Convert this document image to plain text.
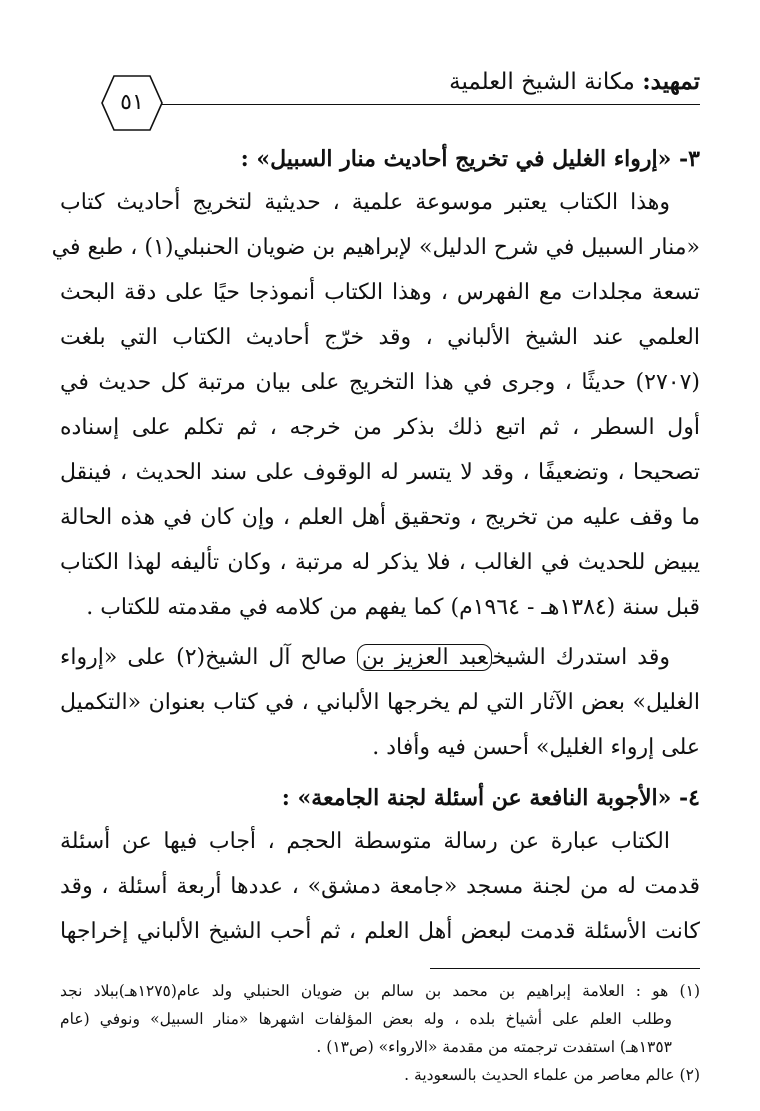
تمهيد: مكانة الشيخ العلمية
٥١
٣- «إرواء الغليل في تخريج أحاديث منار السبيل» :
وهذا الكتاب يعتبر موسوعة علمية ، حديثية لتخريج أحاديث كتاب
«منار السبيل في شرح الدليل» لإبراهيم بن ضويان الحنبلي(١) ، طبع في
تسعة مجلدات مع الفهرس ، وهذا الكتاب أنموذجا حيًا على دقة البحث
العلمي عند الشيخ الألباني ، وقد خرّج أحاديث الكتاب التي بلغت
(٢٧٠٧) حديثًا ، وجرى في هذا التخريج على بيان مرتبة كل حديث في
أول السطر ، ثم اتبع ذلك بذكر من خرجه ، ثم تكلم على إسناده
تصحيحا ، وتضعيفًا ، وقد لا يتسر له الوقوف على سند الحديث ، فينقل
ما وقف عليه من تخريج ، وتحقيق أهل العلم ، وإن كان في هذه الحالة
يبيض للحديث في الغالب ، فلا يذكر له مرتبة ، وكان تأليفه لهذا الكتاب
قبل سنة (١٣٨٤هـ - ١٩٦٤م) كما يفهم من كلامه في مقدمته للكتاب .
وقد استدرك الشيخعبد العزيز بن صالح آل الشيخ(٢) على «إرواء
الغليل» بعض الآثار التي لم يخرجها الألباني ، في كتاب بعنوان «التكميل
على إرواء الغليل» أحسن فيه وأفاد .
٤- «الأجوبة النافعة عن أسئلة لجنة الجامعة» :
الكتاب عبارة عن رسالة متوسطة الحجم ، أجاب فيها عن أسئلة
قدمت له من لجنة مسجد «جامعة دمشق» ، عددها أربعة أسئلة ، وقد
كانت الأسئلة قدمت لبعض أهل العلم ، ثم أحب الشيخ الألباني إخراجها
(١) هو : العلامة إبراهيم بن محمد بن سالم بن ضويان الحنبلي ولد عام(١٢٧٥هـ)ببلاد نجد
وطلب العلم على أشياخ بلده ، وله بعض المؤلفات اشهرها «منار السبيل» ونوفي (عام
١٣٥٣هـ) استفدت ترجمته من مقدمة «الارواء» (ص١٣) .
(٢) عالم معاصر من علماء الحديث بالسعودية .
